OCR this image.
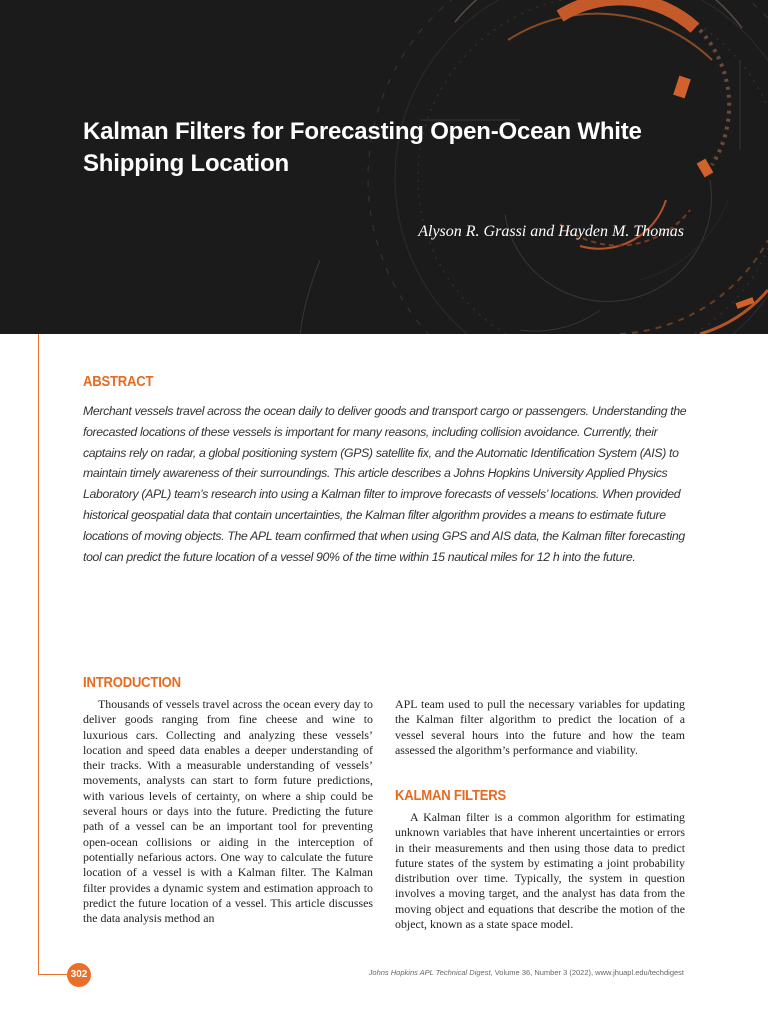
Kalman Filters for Forecasting Open-Ocean White Shipping Location
Alyson R. Grassi and Hayden M. Thomas
ABSTRACT

Merchant vessels travel across the ocean daily to deliver goods and transport cargo or passengers. Understanding the forecasted locations of these vessels is important for many reasons, including collision avoidance. Currently, their captains rely on radar, a global positioning system (GPS) satellite fix, and the Automatic Identification System (AIS) to maintain timely awareness of their surroundings. This article describes a Johns Hopkins University Applied Physics Laboratory (APL) team’s research into using a Kalman filter to improve forecasts of vessels’ locations. When provided historical geospatial data that contain uncertainties, the Kalman filter algorithm provides a means to estimate future locations of moving objects. The APL team confirmed that when using GPS and AIS data, the Kalman filter forecasting tool can predict the future location of a vessel 90% of the time within 15 nautical miles for 12 h into the future.

INTRODUCTION

Thousands of vessels travel across the ocean every day to deliver goods ranging from fine cheese and wine to luxurious cars. Collecting and analyzing these vessels’ location and speed data enables a deeper understanding of their tracks. With a measurable understanding of vessels’ movements, analysts can start to form future predictions, with various levels of certainty, on where a ship could be several hours or days into the future. Predicting the future path of a vessel can be an important tool for preventing open-ocean collisions or aiding in the interception of potentially nefarious actors. One way to calculate the future location of a vessel is with a Kalman filter. The Kalman filter provides a dynamic system and estimation approach to predict the future location of a vessel. This article discusses the data analysis method an

APL team used to pull the necessary variables for updating the Kalman filter algorithm to predict the location of a vessel several hours into the future and how the team assessed the algorithm’s performance and viability.

KALMAN FILTERS

A Kalman filter is a common algorithm for estimating unknown variables that have inherent uncertainties or errors in their measurements and then using those data to predict future states of the system by estimating a joint probability distribution over time. Typically, the system in question involves a moving target, and the analyst has data from the moving object and equations that describe the motion of the object, known as a state space model.

302	Johns Hopkins APL Technical Digest, Volume 36, Number 3 (2022), www.jhuapl.edu/techdigest
